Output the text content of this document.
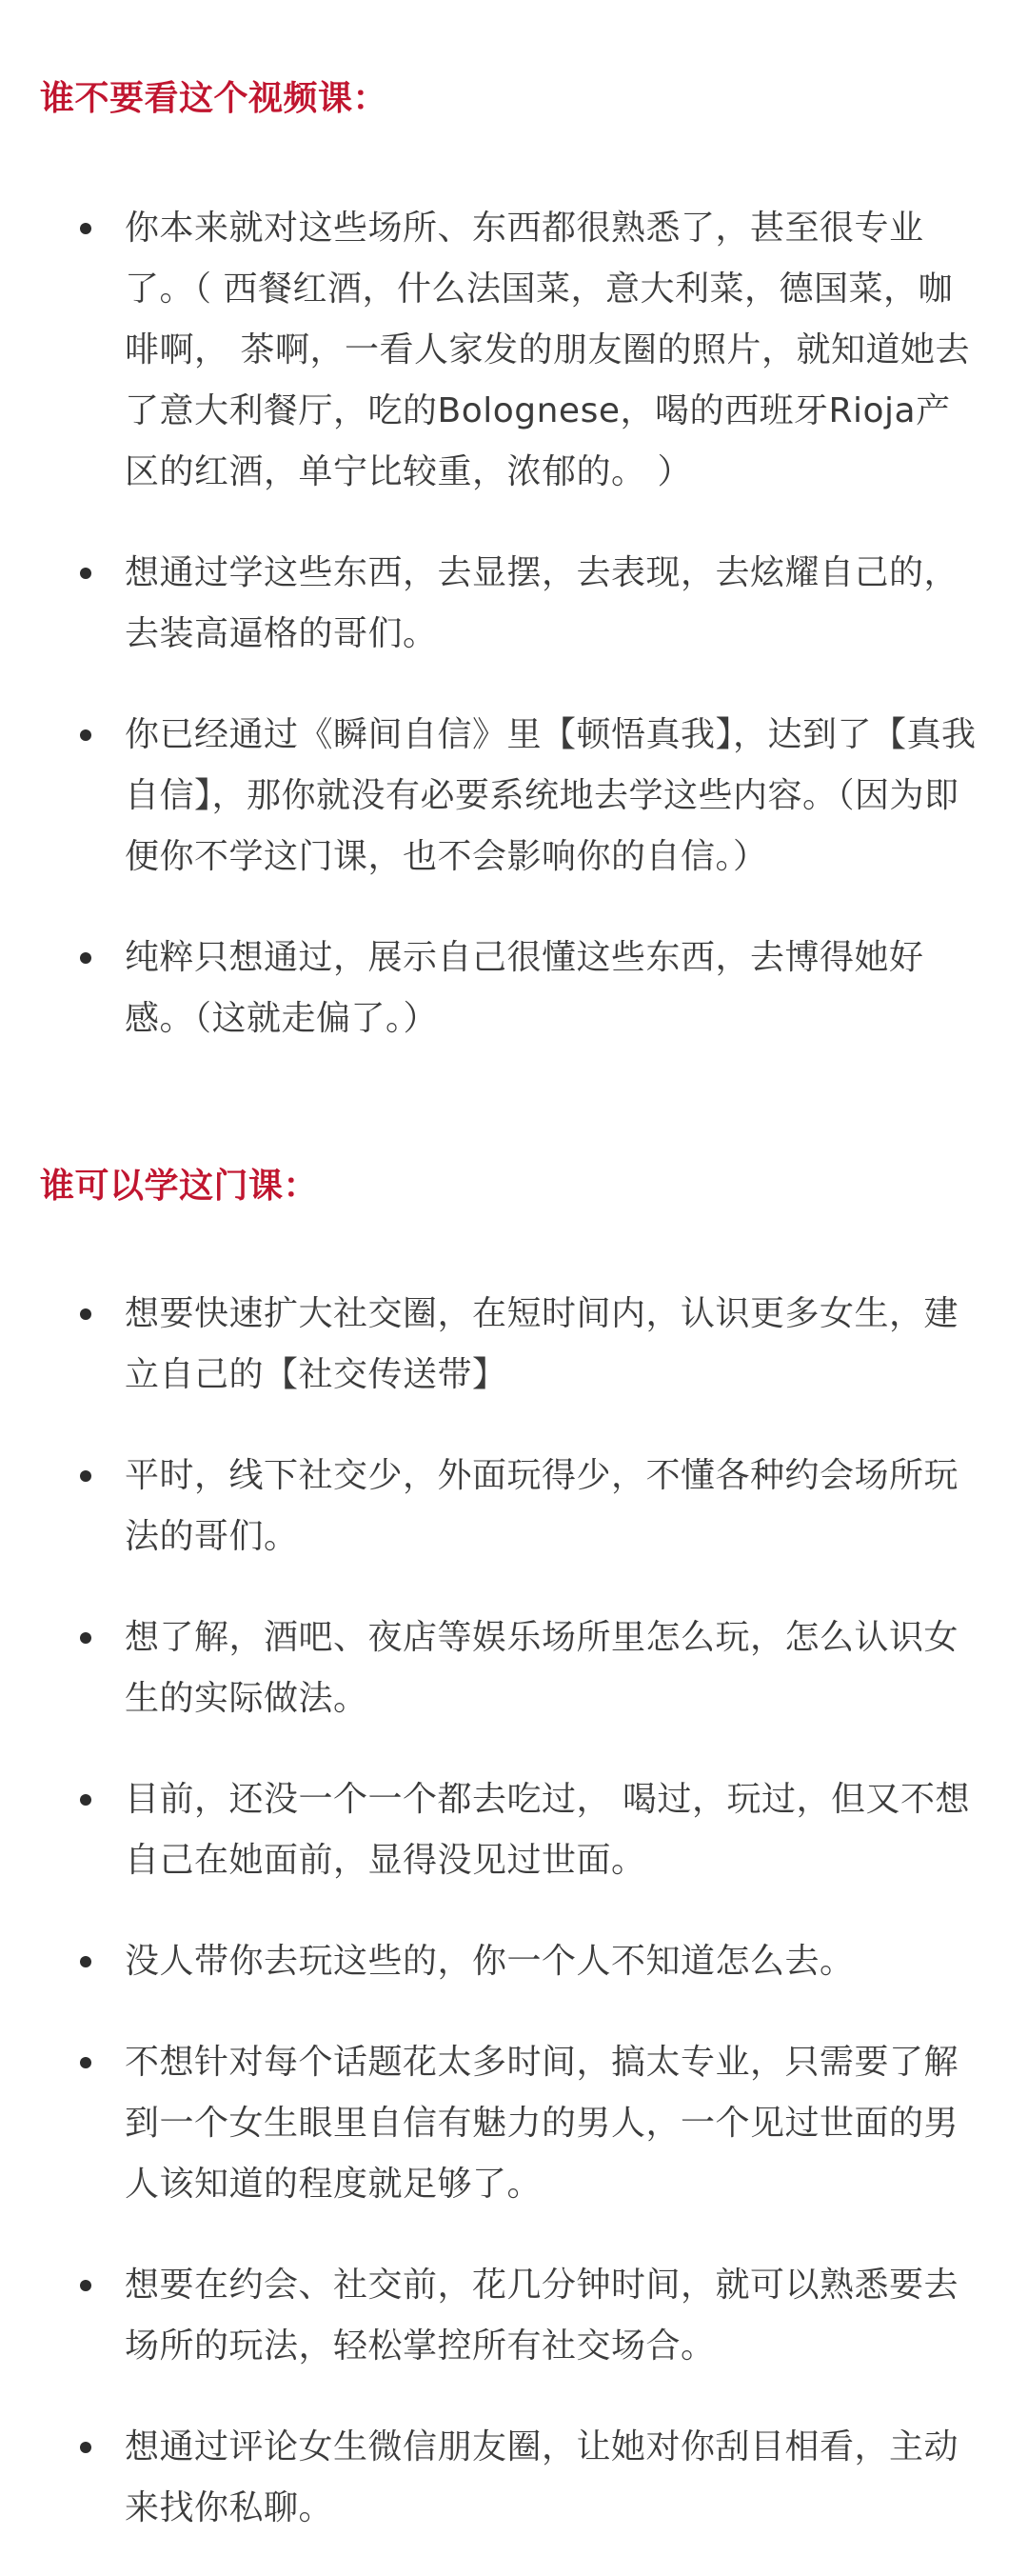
谁不要看这个视频课：
你本来就对这些场所、东西都很熟悉了，甚至很专业了。（ 西餐红酒，什么法国菜，意大利菜，德国菜，咖啡啊， 茶啊，一看人家发的朋友圈的照片，就知道她去了意大利餐厅，吃的Bolognese，喝的西班牙Rioja产区的红酒，单宁比较重，浓郁的。 ）
想通过学这些东西，去显摆，去表现，去炫耀自己的，去装高逼格的哥们。
你已经通过《瞬间自信》里【顿悟真我】，达到了【真我自信】，那你就没有必要系统地去学这些内容。（因为即便你不学这门课，也不会影响你的自信。）
纯粹只想通过，展示自己很懂这些东西，去博得她好感。（这就走偏了。）
谁可以学这门课：
想要快速扩大社交圈，在短时间内，认识更多女生，建立自己的【社交传送带】
平时，线下社交少，外面玩得少，不懂各种约会场所玩法的哥们。
想了解，酒吧、夜店等娱乐场所里怎么玩，怎么认识女生的实际做法。
目前，还没一个一个都去吃过， 喝过，玩过，但又不想自己在她面前，显得没见过世面。
没人带你去玩这些的，你一个人不知道怎么去。
不想针对每个话题花太多时间，搞太专业，只需要了解到一个女生眼里自信有魅力的男人，一个见过世面的男人该知道的程度就足够了。
想要在约会、社交前，花几分钟时间，就可以熟悉要去场所的玩法，轻松掌控所有社交场合。
想通过评论女生微信朋友圈，让她对你刮目相看，主动来找你私聊。
